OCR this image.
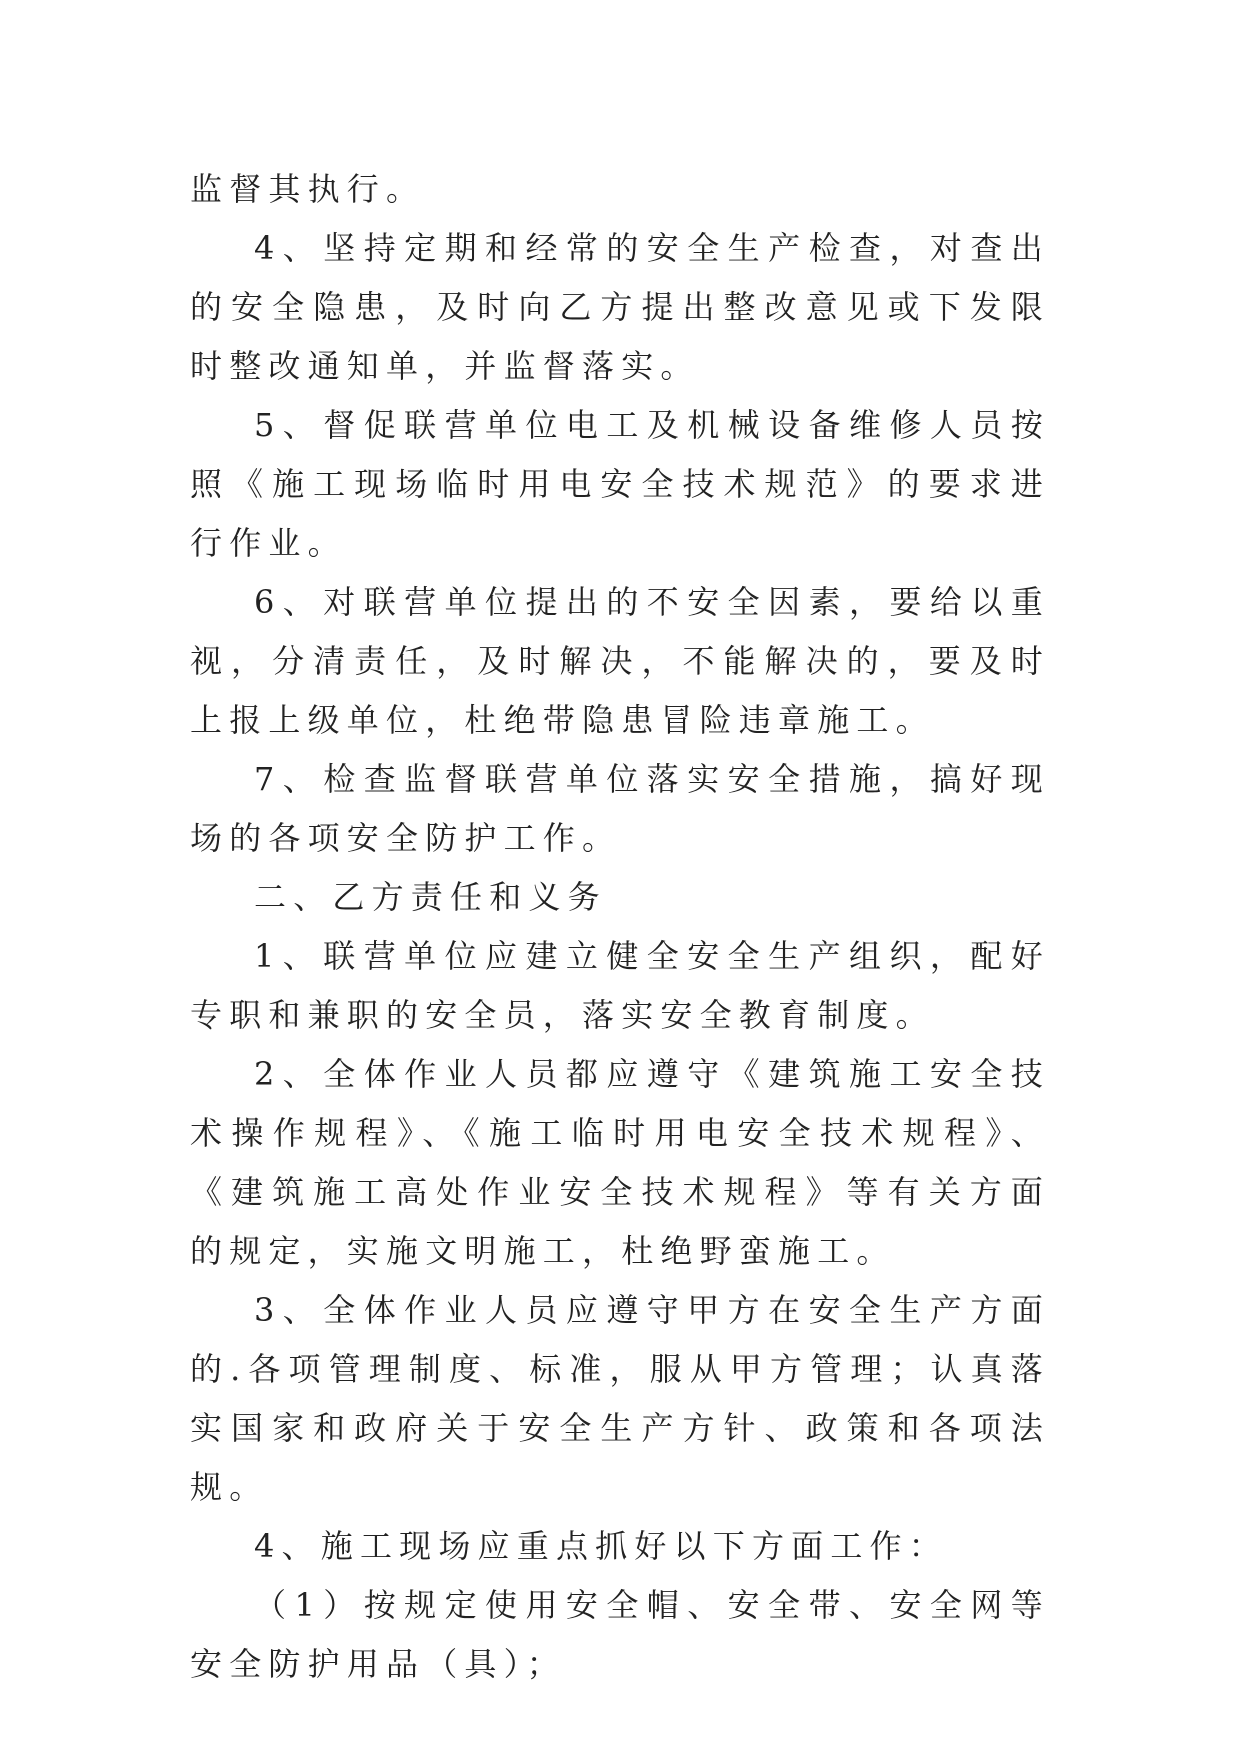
监督其执行。

4、坚持定期和经常的安全生产检查，对查出的安全隐患，及时向乙方提出整改意见或下发限时整改通知单，并监督落实。

5、督促联营单位电工及机械设备维修人员按照《施工现场临时用电安全技术规范》的要求进行作业。

6、对联营单位提出的不安全因素，要给以重视，分清责任，及时解决，不能解决的，要及时上报上级单位，杜绝带隐患冒险违章施工。

7、检查监督联营单位落实安全措施，搞好现场的各项安全防护工作。

二、乙方责任和义务

1、联营单位应建立健全安全生产组织，配好专职和兼职的安全员，落实安全教育制度。

2、全体作业人员都应遵守《建筑施工安全技术操作规程》、《施工临时用电安全技术规程》、《建筑施工高处作业安全技术规程》等有关方面的规定，实施文明施工，杜绝野蛮施工。

3、全体作业人员应遵守甲方在安全生产方面的.各项管理制度、标准，服从甲方管理；认真落实国家和政府关于安全生产方针、政策和各项法规。

4、施工现场应重点抓好以下方面工作：

（1）按规定使用安全帽、安全带、安全网等安全防护用品（具）；
